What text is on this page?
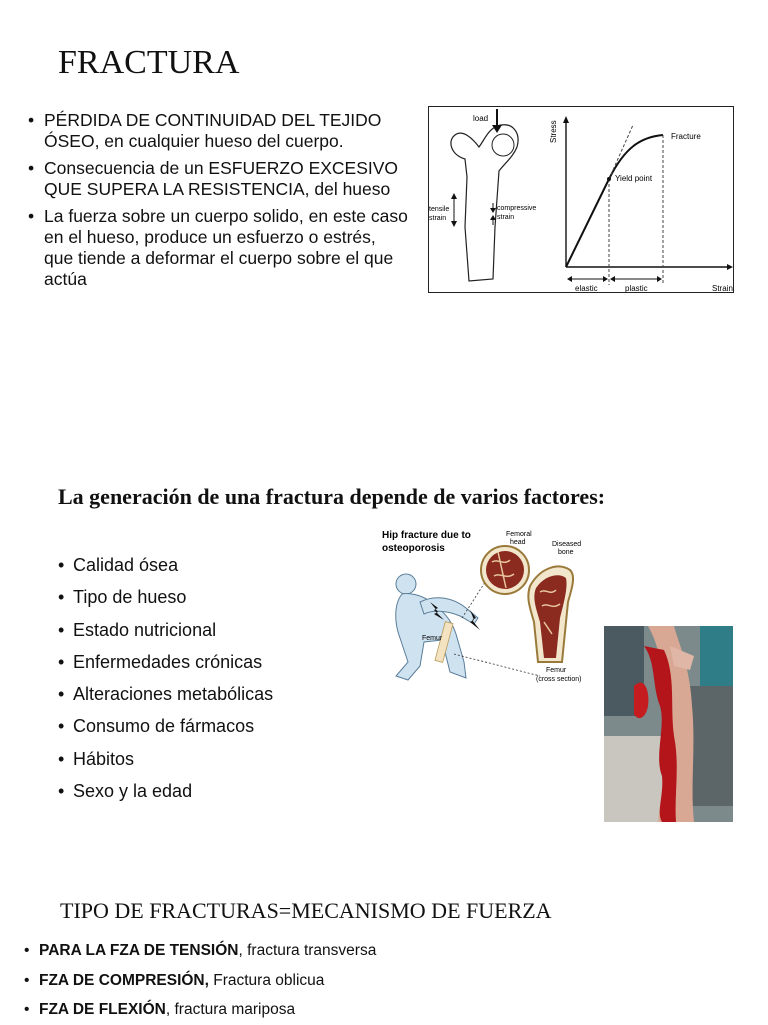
FRACTURA
• PÉRDIDA DE CONTINUIDAD DEL TEJIDO ÓSEO, en cualquier hueso del cuerpo.
• Consecuencia de un ESFUERZO EXCESIVO QUE SUPERA LA RESISTENCIA, del hueso
• La fuerza sobre un cuerpo solido, en este caso en el hueso, produce un esfuerzo o estrés, que tiende a deformar el cuerpo sobre el que actúa
load
tensile
strain
compressive
strain
Stress
Strain
Fracture
Yield point
elastic	plastic
La generación de una fractura depende de varios factores:
• Calidad ósea
• Tipo de hueso
• Estado nutricional
• Enfermedades crónicas
• Alteraciones metabólicas
• Consumo de fármacos
• Hábitos
• Sexo y la edad
Hip fracture due to
osteoporosis
Femur
Femoral
head	Diseased
bone
Femur
(cross section)
TIPO DE FRACTURAS=MECANISMO DE FUERZA
• PARA LA FZA DE TENSIÓN, fractura transversa
• FZA DE COMPRESIÓN, Fractura oblicua
• FZA DE FLEXIÓN, fractura mariposa
